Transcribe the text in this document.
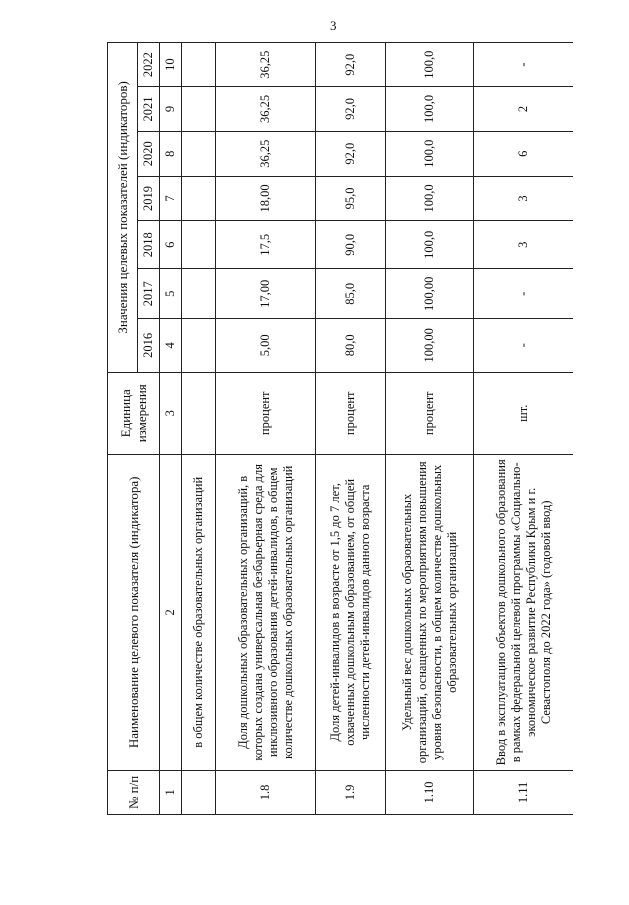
3
№ п/п	Наименование целевого показателя (индикатора)	Единица измерения	Значения целевых показателей (индикаторов)						
			2016	2017	2018	2019	2020	2021	2022
1	2	3	4	5	6	7	8	9	10
	в общем количестве образовательных организаций								
1.8	Доля дошкольных образовательных организаций, в которых создана универсальная безбарьерная среда для инклюзивного образования детей-инвалидов, в общем количестве дошкольных образовательных организаций	процент	5,00	17,00	17,5	18,00	36,25	36,25	36,25
1.9	Доля детей-инвалидов в возрасте от 1,5 до 7 лет, охваченных дошкольным образованием, от общей численности детей-инвалидов данного возраста	процент	80,0	85,0	90,0	95,0	92,0	92,0	92,0
1.10	Удельный вес дошкольных образовательных организаций, оснащенных по мероприятиям повышения уровня безопасности, в общем количестве дошкольных образовательных организаций	процент	100,00	100,00	100,0	100,0	100,0	100,0	100,0
1.11	Ввод в эксплуатацию объектов дошкольного образования в рамках федеральной целевой программы «Социально-экономическое развитие Республики Крым и г. Севастополя до 2022 года» (годовой ввод)	шт.	-	-	3	3	6	2	-
